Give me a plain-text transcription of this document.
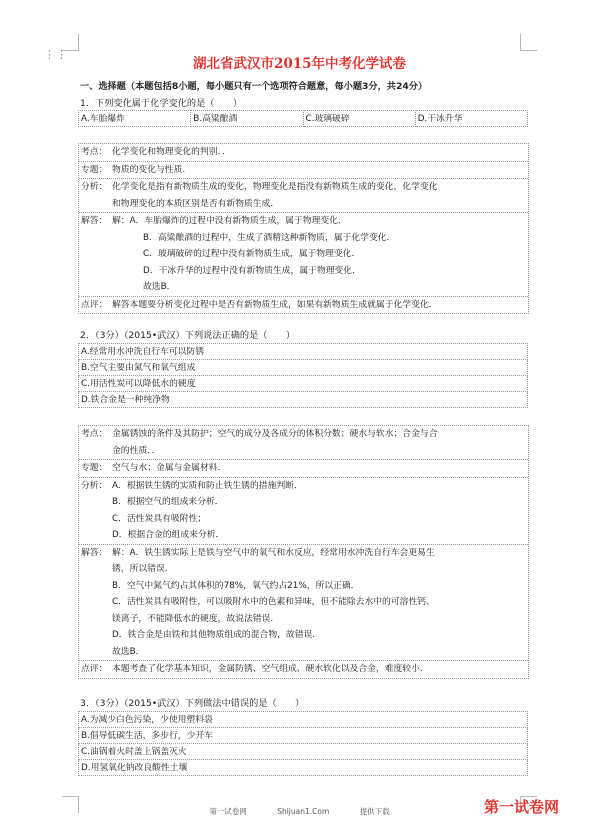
⋮⋮
湖北省武汉市2015年中考化学试卷

一、选择题（本题包括8小题，每小题只有一个选项符合题意，每小题3分，共24分）

1．下列变化属于化学变化的是（　　）

A.车胎爆炸	B.高粱酿酒	C.玻璃破碎	D.干冰升华
考点： 化学变化和物理变化的判别．．
专题： 物质的变化与性质．
分析： 化学变化是指有新物质生成的变化，物理变化是指没有新物质生成的变化，化学变化
和物理变化的本质区别是否有新物质生成．
解答： 解：A．车胎爆炸的过程中没有新物质生成，属于物理变化．
B．高粱酿酒的过程中，生成了酒精这种新物质，属于化学变化．
C．玻璃破碎的过程中没有新物质生成，属于物理变化．
D．干冰升华的过程中没有新物质生成，属于物理变化．
故选B．
点评： 解答本题要分析变化过程中是否有新物质生成，如果有新物质生成就属于化学变化．

2．（3分）（2015•武汉）下列说法正确的是（　　）

A.经常用水冲洗自行车可以防锈
B.空气主要由氮气和氧气组成
C.用活性炭可以降低水的硬度
D.铁合金是一种纯净物
考点： 金属锈蚀的条件及其防护；空气的成分及各成分的体积分数；硬水与软水；合金与合
金的性质．．
专题： 空气与水；金属与金属材料．
分析： A．根据铁生锈的实质和防止铁生锈的措施判断．
B．根据空气的组成来分析．
C．活性炭具有吸附性；
D．根据合金的组成来分析．
解答： 解：A．铁生锈实际上是铁与空气中的氧气和水反应，经常用水冲洗自行车会更易生
锈，所以错误．
B．空气中氮气约占其体积的78%，氧气约占21%，所以正确．
C．活性炭具有吸附性，可以吸附水中的色素和异味，但不能除去水中的可溶性钙、
镁离子，不能降低水的硬度，故说法错误．
D．铁合金是由铁和其他物质组成的混合物，故错误．
故选B．
点评： 本题考查了化学基本知识，金属防锈、空气组成、硬水软化以及合金，难度较小．

3．（3分）（2015•武汉）下列做法中错误的是（　　）

A.为减少白色污染，少使用塑料袋
B.倡导低碳生活，多步行，少开车
C.油锅着火时盖上锅盖灭火
D.用氢氧化钠改良酸性土壤
第一试卷网	Shijuan1.Com	提供下载	第一试卷网
